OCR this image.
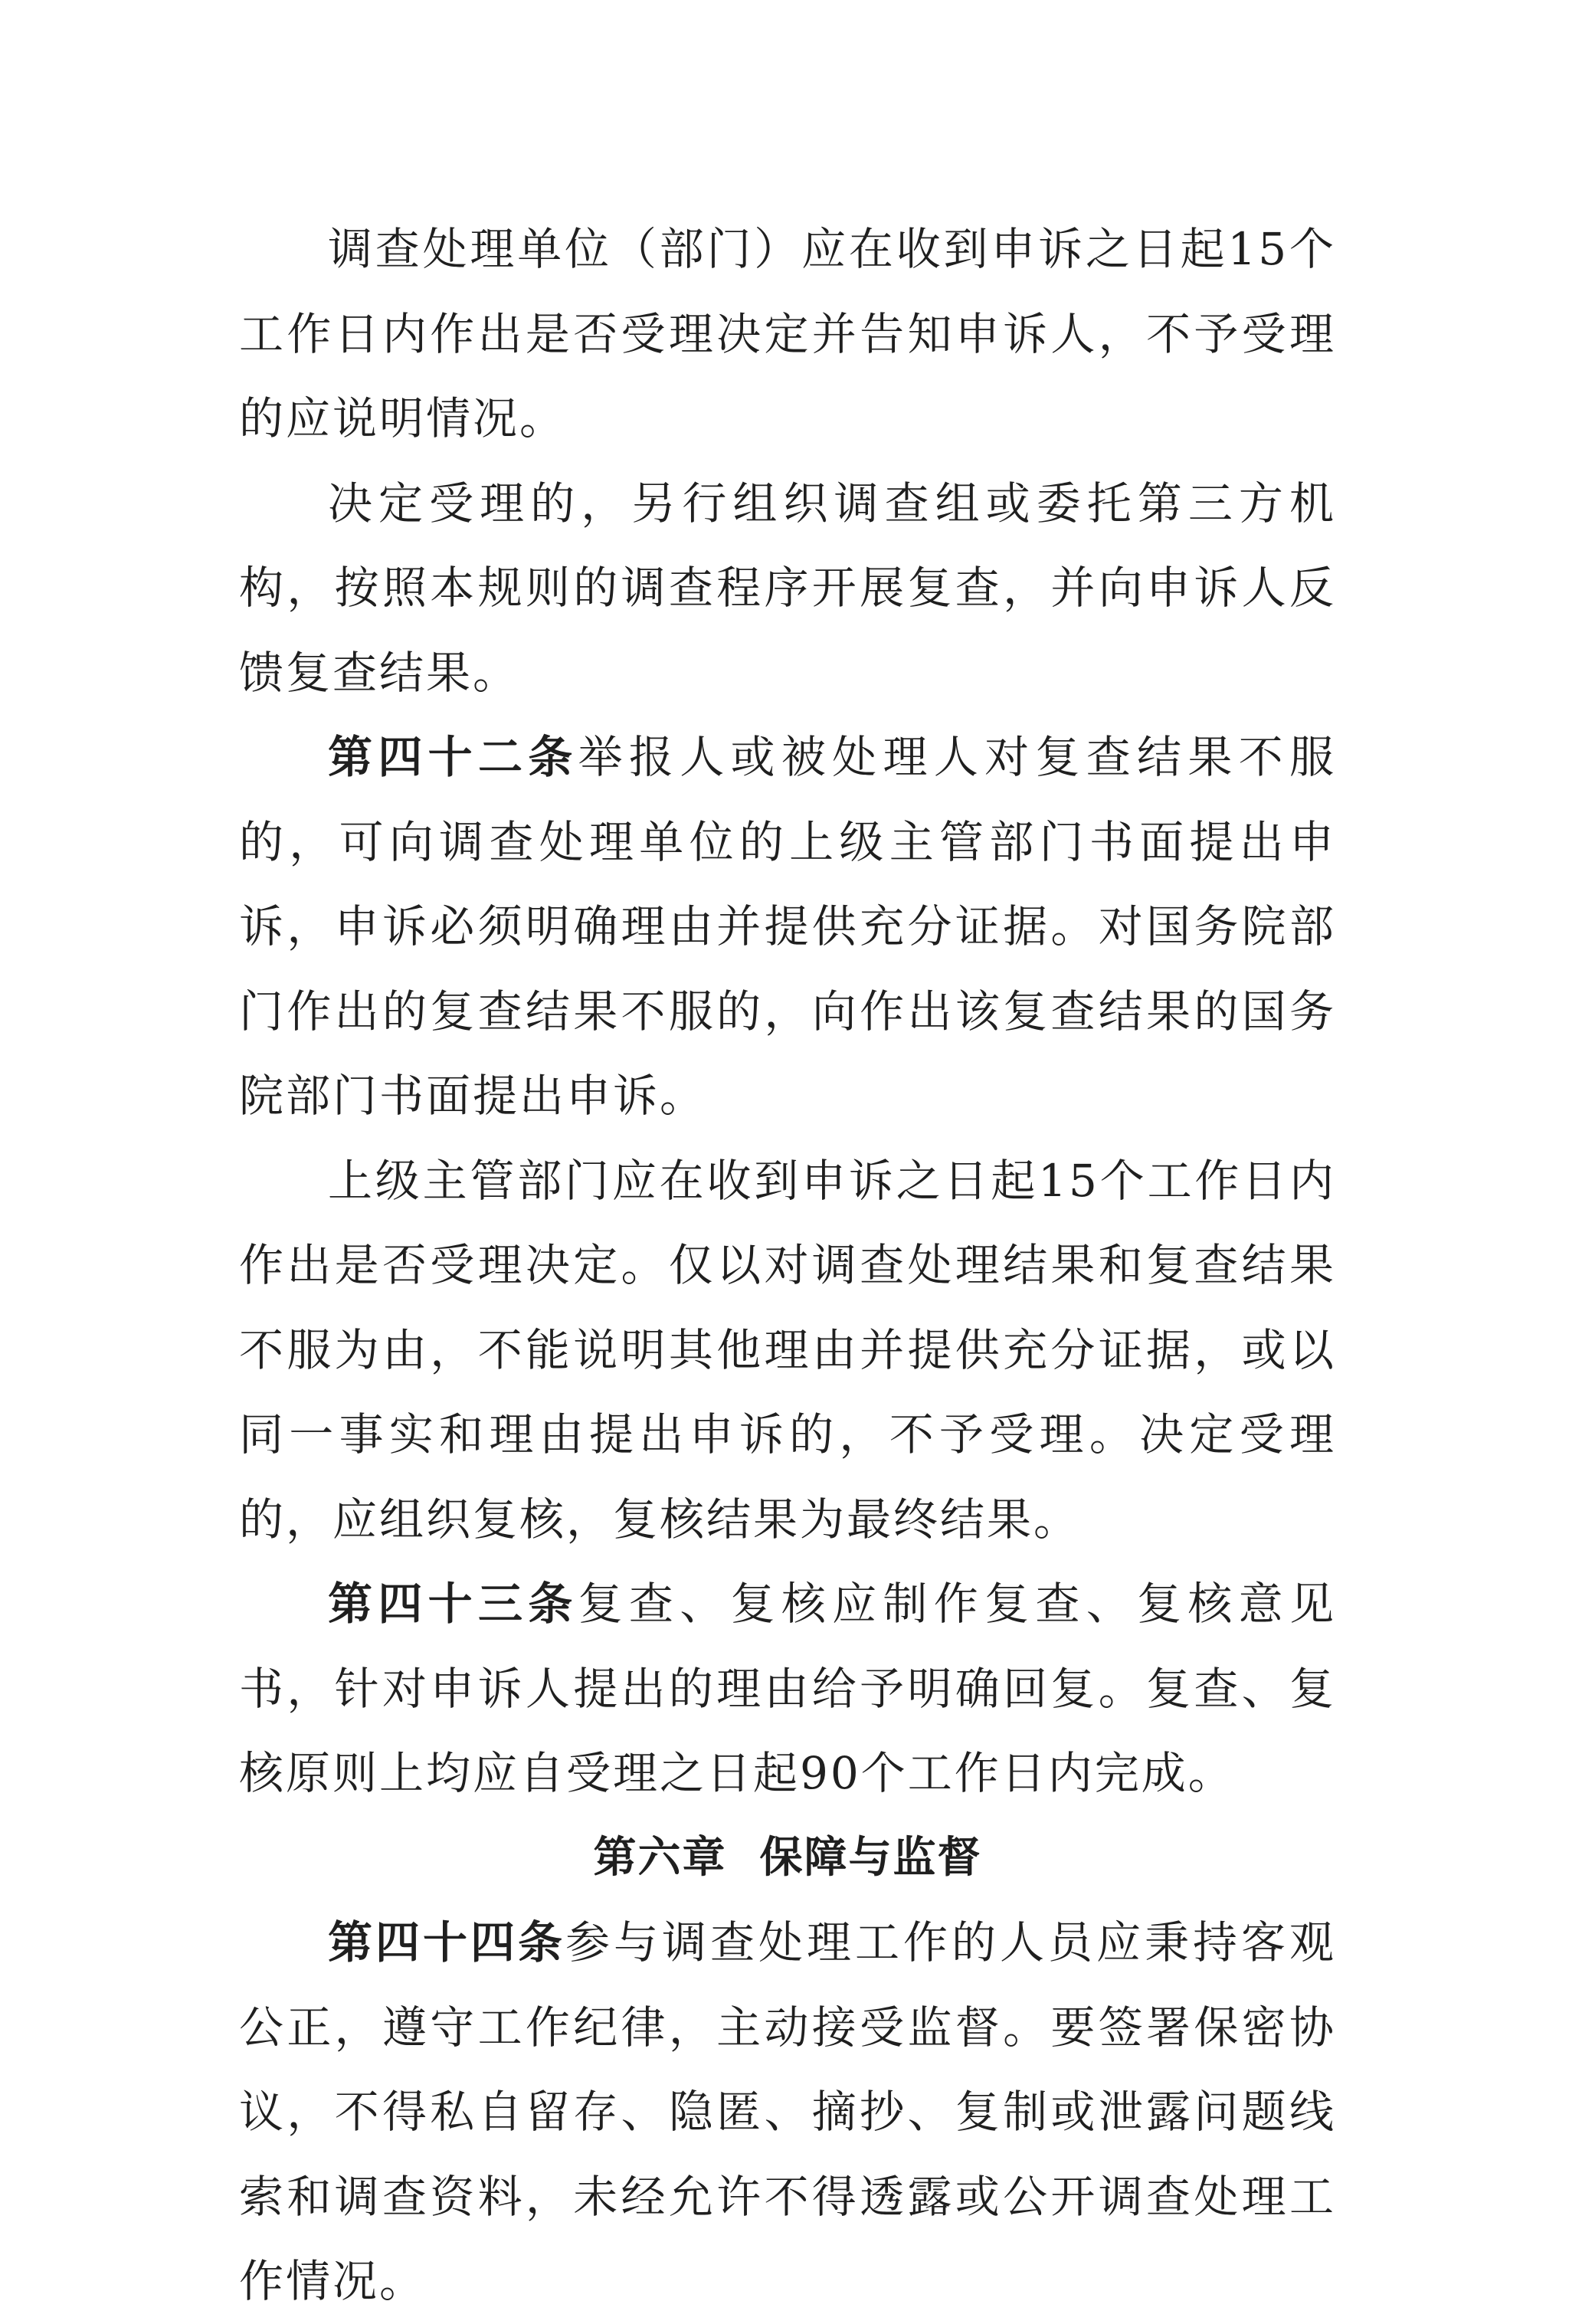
调查处理单位（部门）应在收到申诉之日起15个工作日内作出是否受理决定并告知申诉人，不予受理的应说明情况。

决定受理的，另行组织调查组或委托第三方机构，按照本规则的调查程序开展复查，并向申诉人反馈复查结果。

第四十二条举报人或被处理人对复查结果不服的，可向调查处理单位的上级主管部门书面提出申诉，申诉必须明确理由并提供充分证据。对国务院部门作出的复查结果不服的，向作出该复查结果的国务院部门书面提出申诉。

上级主管部门应在收到申诉之日起15个工作日内作出是否受理决定。仅以对调查处理结果和复查结果不服为由，不能说明其他理由并提供充分证据，或以同一事实和理由提出申诉的，不予受理。决定受理的，应组织复核，复核结果为最终结果。

第四十三条复查、复核应制作复查、复核意见书，针对申诉人提出的理由给予明确回复。复查、复核原则上均应自受理之日起90个工作日内完成。

第六章  保障与监督

第四十四条参与调查处理工作的人员应秉持客观公正，遵守工作纪律，主动接受监督。要签署保密协议，不得私自留存、隐匿、摘抄、复制或泄露问题线索和调查资料，未经允许不得透露或公开调查处理工作情况。
